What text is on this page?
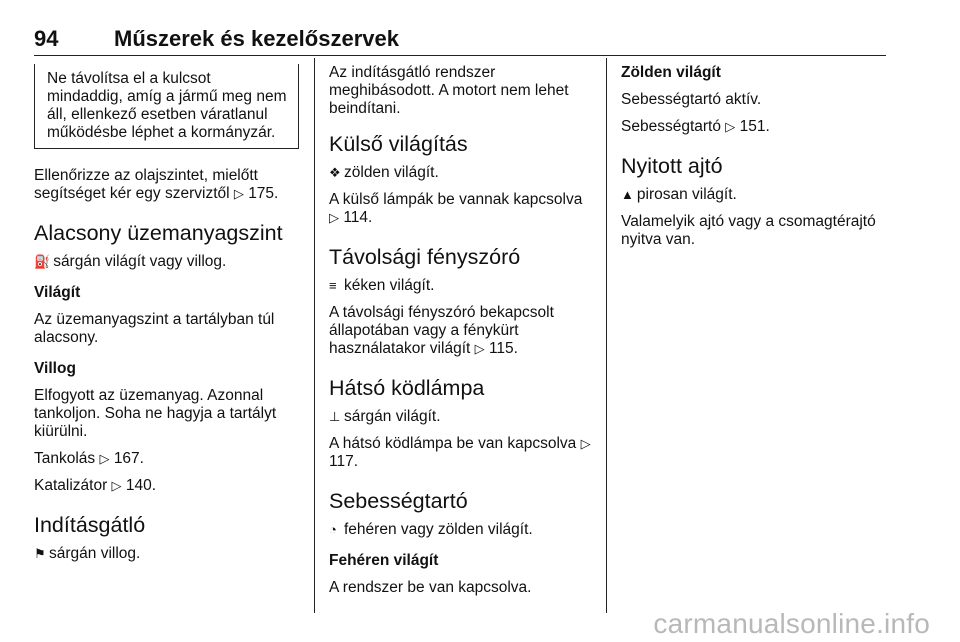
94	Műszerek és kezelőszervek
Ne távolítsa el a kulcsot mindaddig, amíg a jármű meg nem áll, ellenkező esetben váratlanul működésbe léphet a kormányzár.

Ellenőrizze az olajszintet, mielőtt segítséget kér egy szerviztől ▷ 175.

Alacsony üzemanyagszint

⛽ sárgán világít vagy villog.

Világít

Az üzemanyagszint a tartályban túl alacsony.

Villog

Elfogyott az üzemanyag. Azonnal tankoljon. Soha ne hagyja a tartályt kiürülni.

Tankolás ▷ 167.

Katalizátor ▷ 140.

Indításgátló

⚑ sárgán villog.

Az indításgátló rendszer meghibásodott. A motort nem lehet beindítani.

Külső világítás

❖ zölden világít.

A külső lámpák be vannak kapcsolva ▷ 114.

Távolsági fényszóró

≡ kéken világít.

A távolsági fényszóró bekapcsolt állapotában vagy a fénykürt használatakor világít ▷ 115.

Hátsó ködlámpa

⊥ sárgán világít.

A hátsó ködlámpa be van kapcsolva ▷ 117.

Sebességtartó

◔ fehéren vagy zölden világít.

Fehéren világít

A rendszer be van kapcsolva.

Zölden világít

Sebességtartó aktív.

Sebességtartó ▷ 151.

Nyitott ajtó

▲ pirosan világít.

Valamelyik ajtó vagy a csomagtérajtó nyitva van.

carmanualsonline.info
